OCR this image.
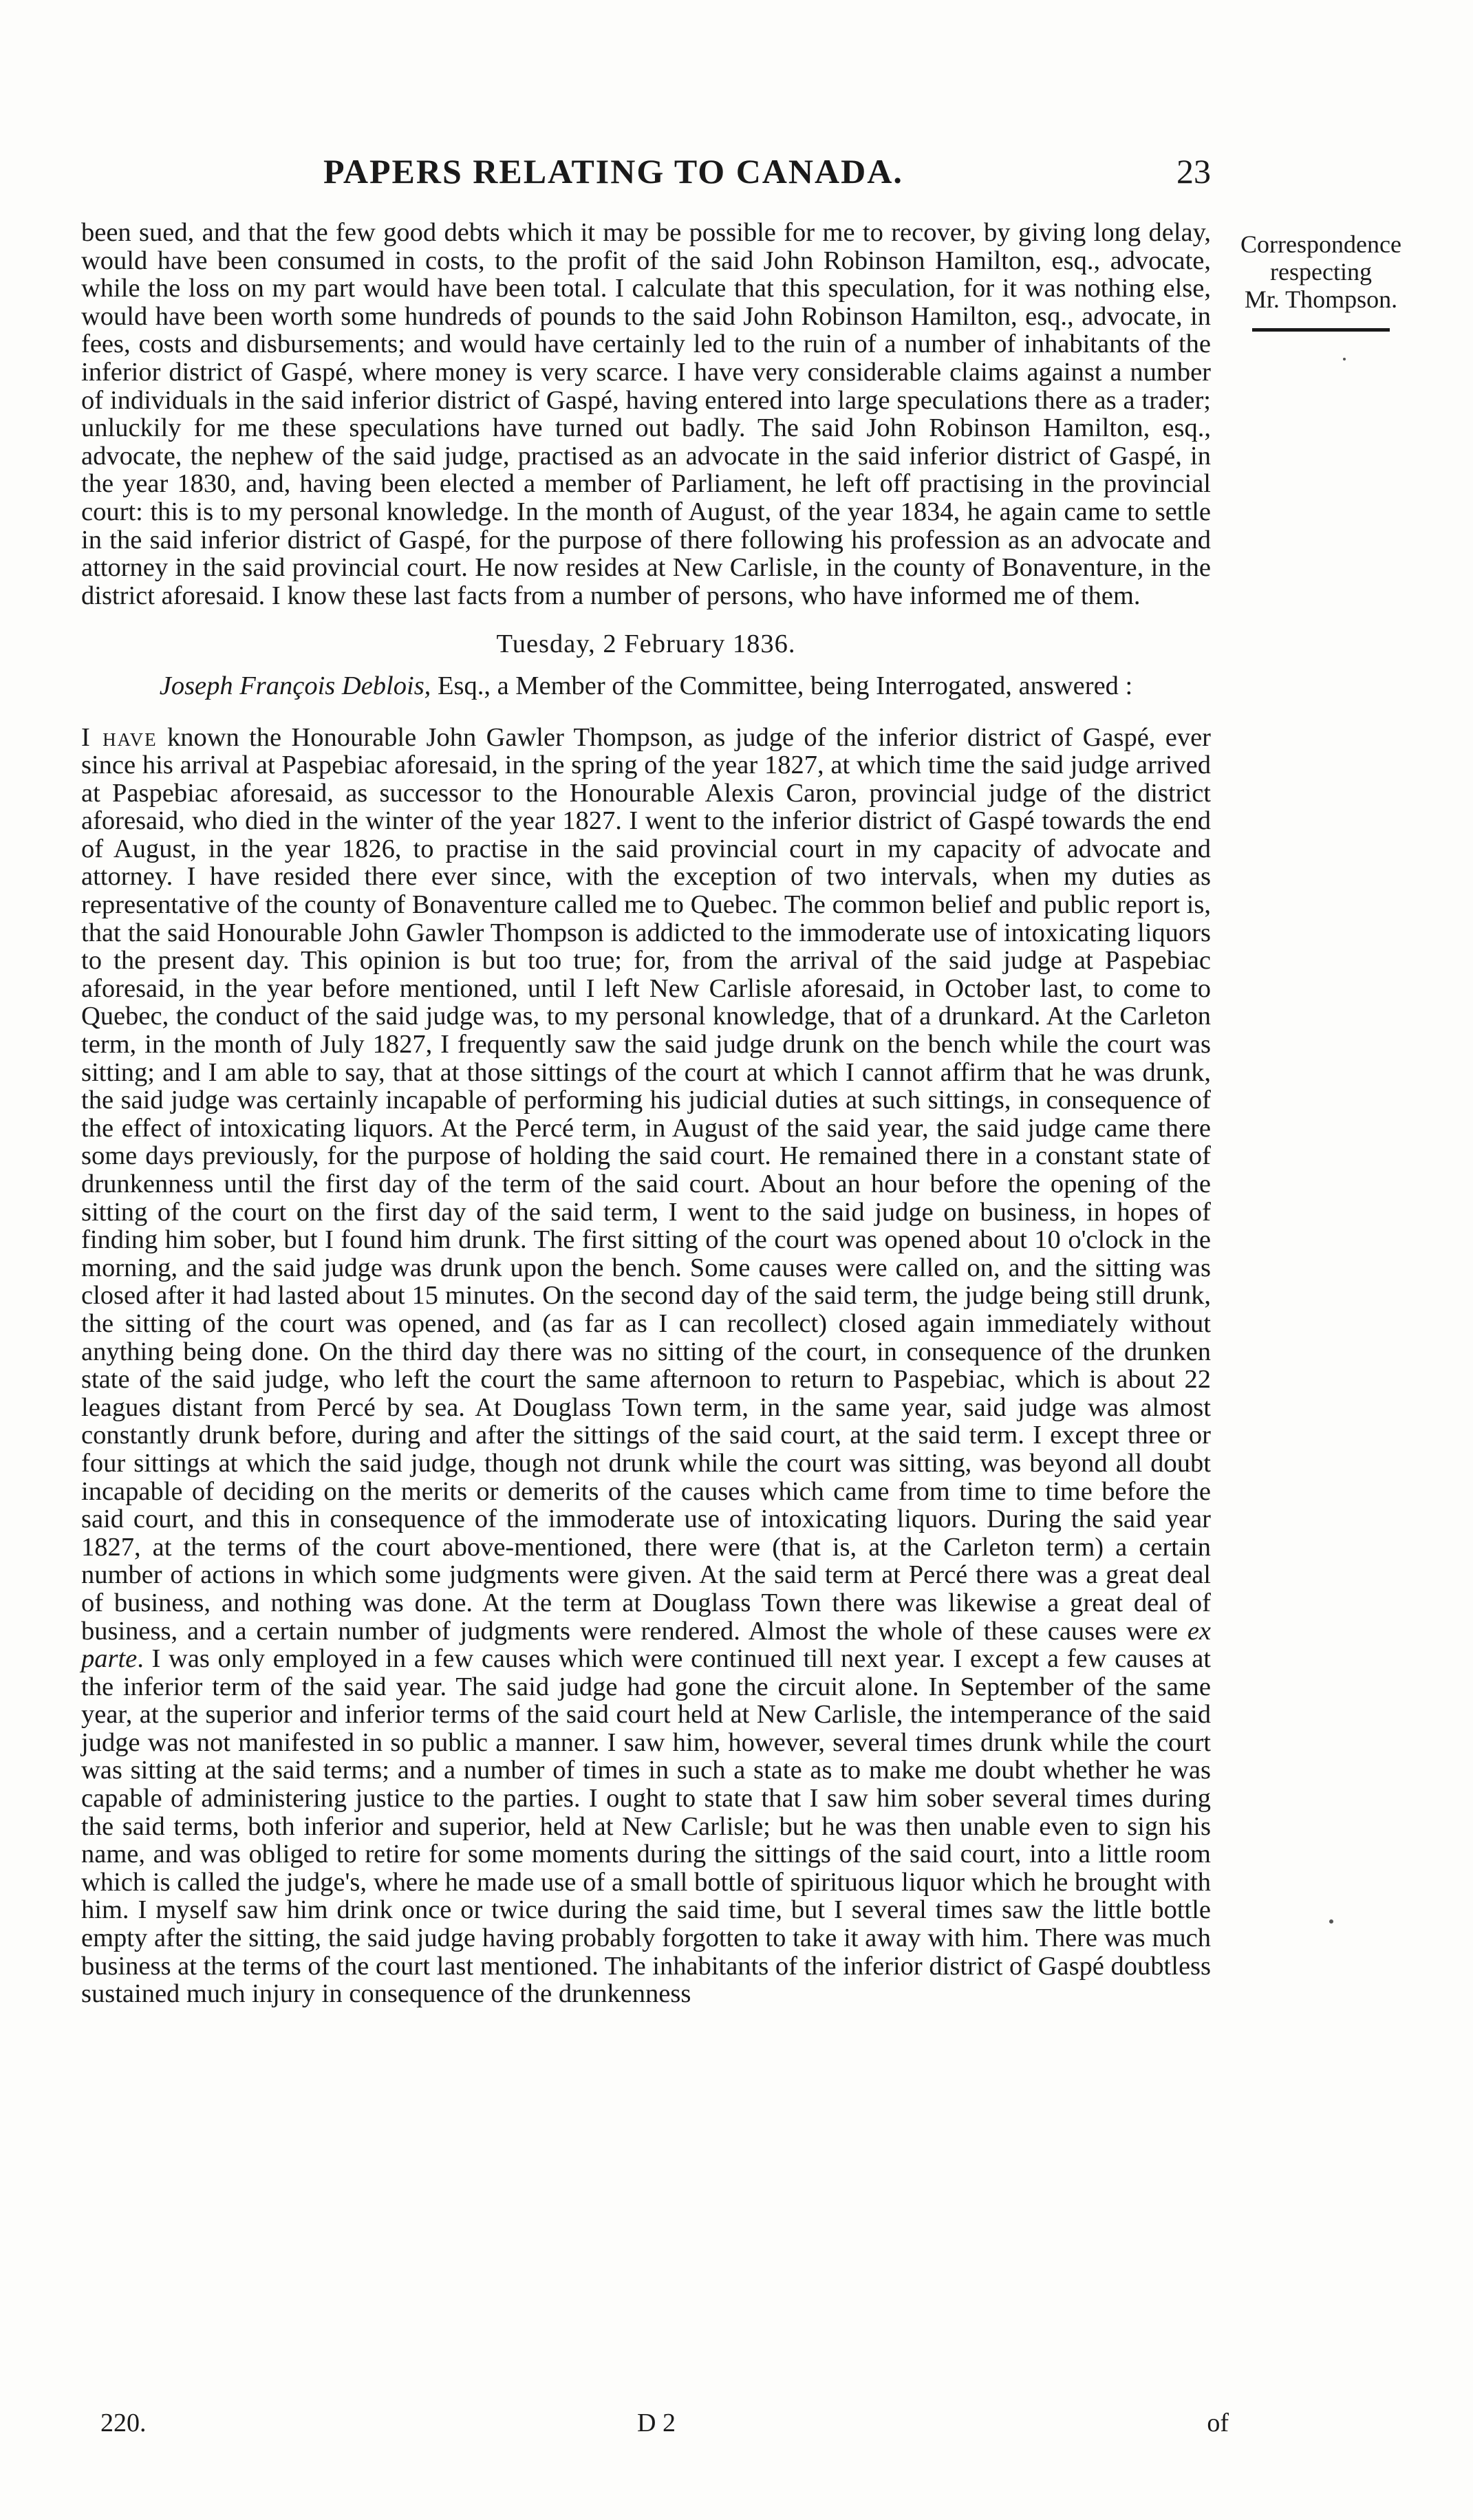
PAPERS RELATING TO CANADA.	23
Correspondence
respecting
Mr. Thompson.

been sued, and that the few good debts which it may be possible for me to recover, by giving long delay, would have been consumed in costs, to the profit of the said John Robinson Hamilton, esq., advocate, while the loss on my part would have been total. I calculate that this speculation, for it was nothing else, would have been worth some hundreds of pounds to the said John Robinson Hamilton, esq., advocate, in fees, costs and disbursements; and would have certainly led to the ruin of a number of inhabitants of the inferior district of Gaspé, where money is very scarce. I have very considerable claims against a number of individuals in the said inferior district of Gaspé, having entered into large speculations there as a trader; unluckily for me these speculations have turned out badly. The said John Robinson Hamilton, esq., advocate, the nephew of the said judge, practised as an advocate in the said inferior district of Gaspé, in the year 1830, and, having been elected a member of Parliament, he left off practising in the provincial court: this is to my personal knowledge. In the month of August, of the year 1834, he again came to settle in the said inferior district of Gaspé, for the purpose of there following his profession as an advocate and attorney in the said provincial court. He now resides at New Carlisle, in the county of Bonaventure, in the district aforesaid. I know these last facts from a number of persons, who have informed me of them.

Tuesday, 2 February 1836.

Joseph François Deblois, Esq., a Member of the Committee, being Interrogated, answered :

I have known the Honourable John Gawler Thompson, as judge of the inferior district of Gaspé, ever since his arrival at Paspebiac aforesaid, in the spring of the year 1827, at which time the said judge arrived at Paspebiac aforesaid, as successor to the Honourable Alexis Caron, provincial judge of the district aforesaid, who died in the winter of the year 1827. I went to the inferior district of Gaspé towards the end of August, in the year 1826, to practise in the said provincial court in my capacity of advocate and attorney. I have resided there ever since, with the exception of two intervals, when my duties as representative of the county of Bonaventure called me to Quebec. The common belief and public report is, that the said Honourable John Gawler Thompson is addicted to the immoderate use of intoxicating liquors to the present day. This opinion is but too true; for, from the arrival of the said judge at Paspebiac aforesaid, in the year before mentioned, until I left New Carlisle aforesaid, in October last, to come to Quebec, the conduct of the said judge was, to my personal knowledge, that of a drunkard. At the Carleton term, in the month of July 1827, I frequently saw the said judge drunk on the bench while the court was sitting; and I am able to say, that at those sittings of the court at which I cannot affirm that he was drunk, the said judge was certainly incapable of performing his judicial duties at such sittings, in consequence of the effect of intoxicating liquors. At the Percé term, in August of the said year, the said judge came there some days previously, for the purpose of holding the said court. He remained there in a constant state of drunkenness until the first day of the term of the said court. About an hour before the opening of the sitting of the court on the first day of the said term, I went to the said judge on business, in hopes of finding him sober, but I found him drunk. The first sitting of the court was opened about 10 o'clock in the morning, and the said judge was drunk upon the bench. Some causes were called on, and the sitting was closed after it had lasted about 15 minutes. On the second day of the said term, the judge being still drunk, the sitting of the court was opened, and (as far as I can recollect) closed again immediately without anything being done. On the third day there was no sitting of the court, in consequence of the drunken state of the said judge, who left the court the same afternoon to return to Paspebiac, which is about 22 leagues distant from Percé by sea. At Douglass Town term, in the same year, said judge was almost constantly drunk before, during and after the sittings of the said court, at the said term. I except three or four sittings at which the said judge, though not drunk while the court was sitting, was beyond all doubt incapable of deciding on the merits or demerits of the causes which came from time to time before the said court, and this in consequence of the immoderate use of intoxicating liquors. During the said year 1827, at the terms of the court above-mentioned, there were (that is, at the Carleton term) a certain number of actions in which some judgments were given. At the said term at Percé there was a great deal of business, and nothing was done. At the term at Douglass Town there was likewise a great deal of business, and a certain number of judgments were rendered. Almost the whole of these causes were ex parte. I was only employed in a few causes which were continued till next year. I except a few causes at the inferior term of the said year. The said judge had gone the circuit alone. In September of the same year, at the superior and inferior terms of the said court held at New Carlisle, the intemperance of the said judge was not manifested in so public a manner. I saw him, however, several times drunk while the court was sitting at the said terms; and a number of times in such a state as to make me doubt whether he was capable of administering justice to the parties. I ought to state that I saw him sober several times during the said terms, both inferior and superior, held at New Carlisle; but he was then unable even to sign his name, and was obliged to retire for some moments during the sittings of the said court, into a little room which is called the judge's, where he made use of a small bottle of spirituous liquor which he brought with him. I myself saw him drink once or twice during the said time, but I several times saw the little bottle empty after the sitting, the said judge having probably forgotten to take it away with him. There was much business at the terms of the court last mentioned. The inhabitants of the inferior district of Gaspé doubtless sustained much injury in consequence of the drunkenness

220.	D 2	of
